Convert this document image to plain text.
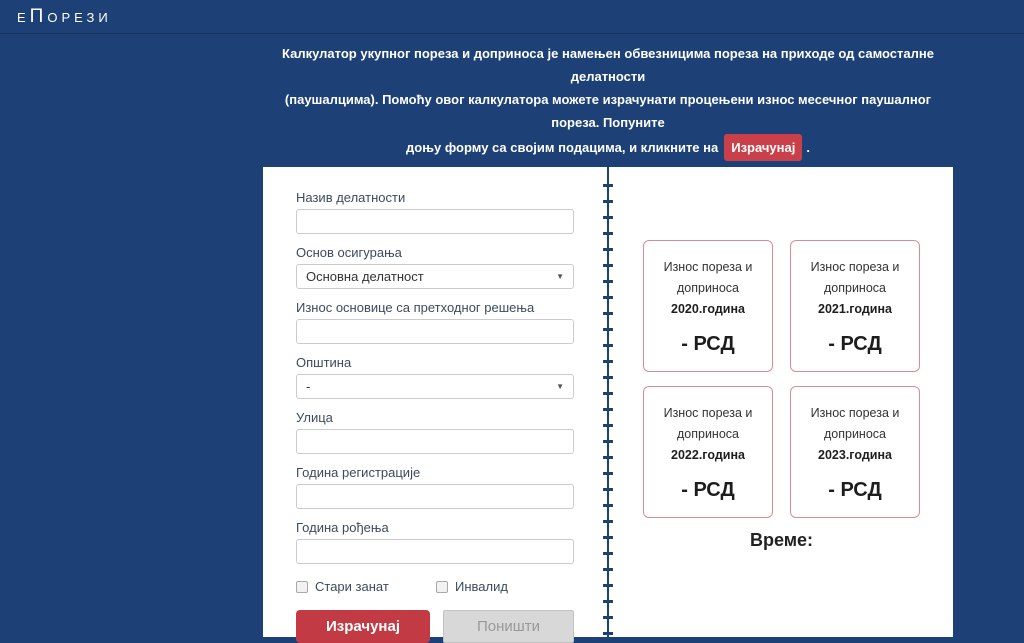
еПорези
Калкулатор укупног пореза и доприноса је намењен обвезницима пореза на приходе од самосталне делатности
(паушалцима). Помоћу овог калкулатора можете израчунати процењени износ месечног паушалног пореза. Попуните
доњу форму са својим подацима, и кликните на Израчунај .
Назив делатности
Основ осигурања
Основна делатност	▼
Износ основице са претходног решења
Општина
-	▼
Улица
Година регистрације
Година рођења
Стари занат	Инвалид
Израчунај	Поништи
Износ пореза и
доприноса 2020.година
- РСД
Износ пореза и
доприноса 2021.година
- РСД
Износ пореза и
доприноса 2022.година
- РСД
Износ пореза и
доприноса 2023.година
- РСД
Време:
